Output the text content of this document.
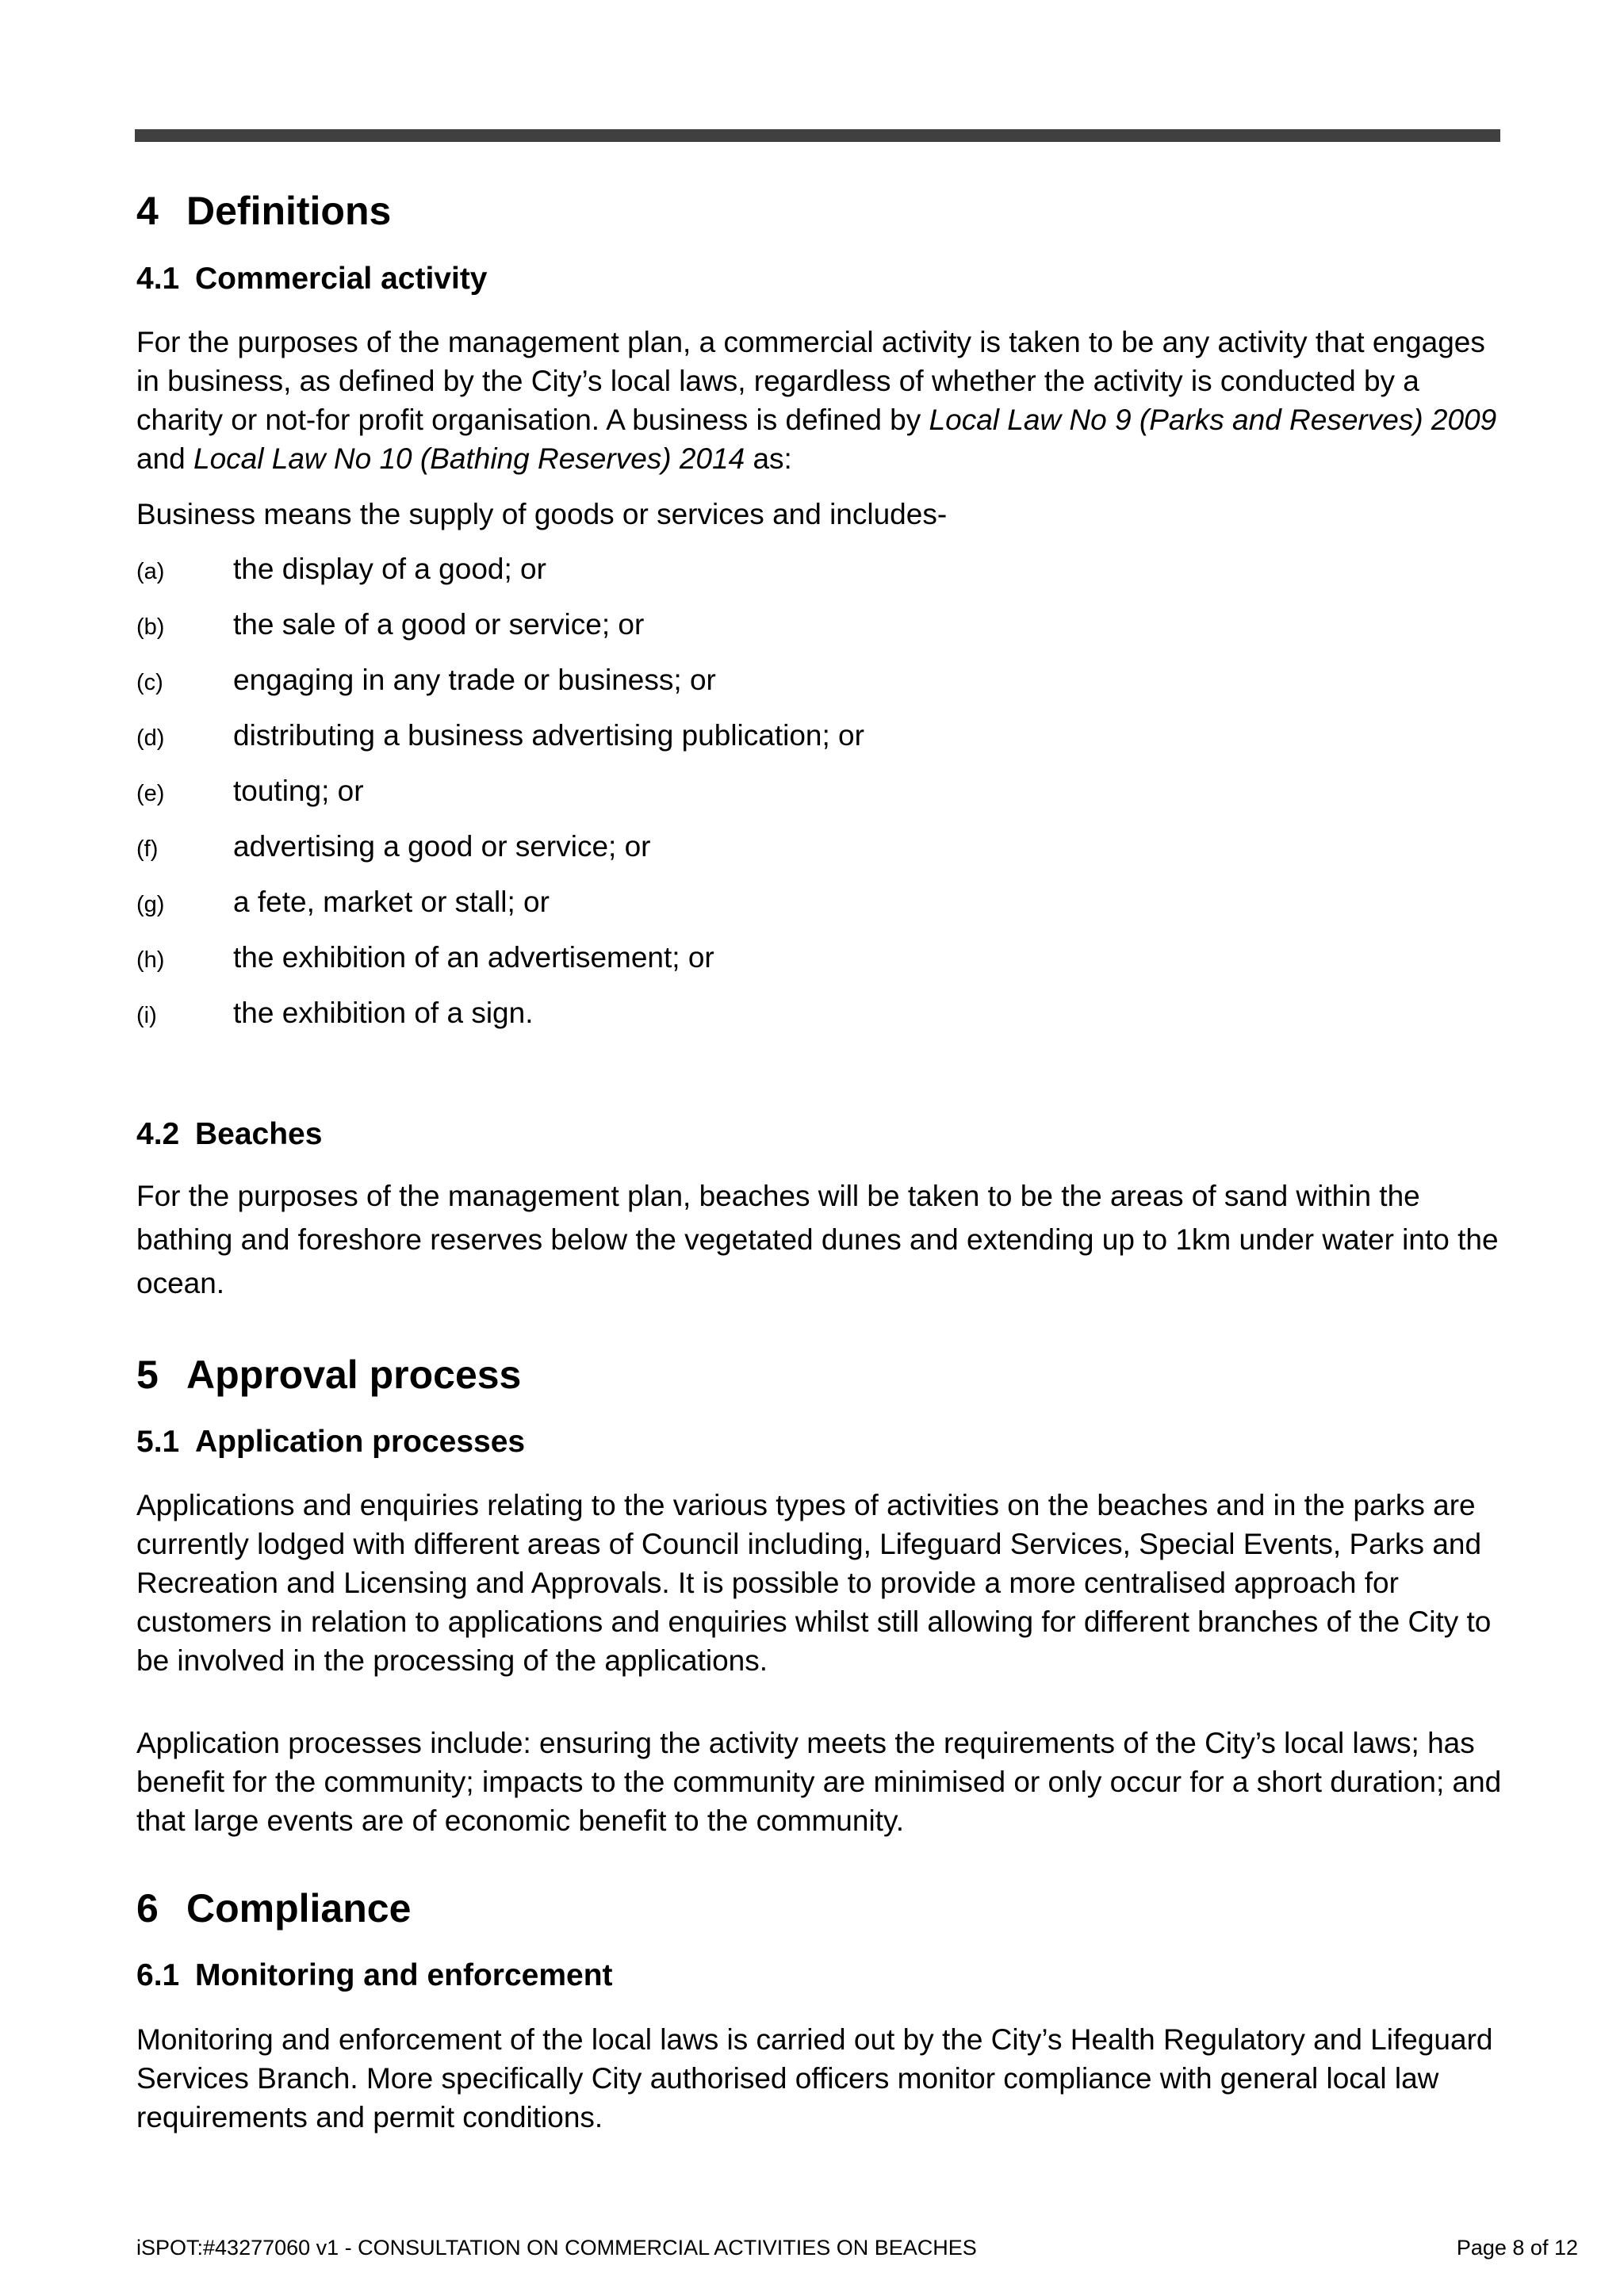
4 Definitions
4.1 Commercial activity
For the purposes of the management plan, a commercial activity is taken to be any activity that engages in business, as defined by the City’s local laws, regardless of whether the activity is conducted by a charity or not-for profit organisation. A business is defined by Local Law No 9 (Parks and Reserves) 2009 and Local Law No 10 (Bathing Reserves) 2014 as:
Business means the supply of goods or services and includes-
(a) the display of a good; or
(b) the sale of a good or service; or
(c) engaging in any trade or business; or
(d) distributing a business advertising publication; or
(e) touting; or
(f)	advertising a good or service; or
(g) a fete, market or stall; or
(h) the exhibition of an advertisement; or
(i)	the exhibition of a sign.
4.2 Beaches
For the purposes of the management plan, beaches will be taken to be the areas of sand within the bathing and foreshore reserves below the vegetated dunes and extending up to 1km under water into the ocean.
5 Approval process
5.1 Application processes
Applications and enquiries relating to the various types of activities on the beaches and in the parks are currently lodged with different areas of Council including, Lifeguard Services, Special Events, Parks and Recreation and Licensing and Approvals. It is possible to provide a more centralised approach for customers in relation to applications and enquiries whilst still allowing for different branches of the City to be involved in the processing of the applications.
Application processes include: ensuring the activity meets the requirements of the City’s local laws; has benefit for the community; impacts to the community are minimised or only occur for a short duration; and that large events are of economic benefit to the community.
6 Compliance
6.1 Monitoring and enforcement
Monitoring and enforcement of the local laws is carried out by the City’s Health Regulatory and Lifeguard Services Branch. More specifically City authorised officers monitor compliance with general local law requirements and permit conditions.
iSPOT:#43277060 v1 - CONSULTATION ON COMMERCIAL ACTIVITIES ON BEACHES	Page 8 of 12
